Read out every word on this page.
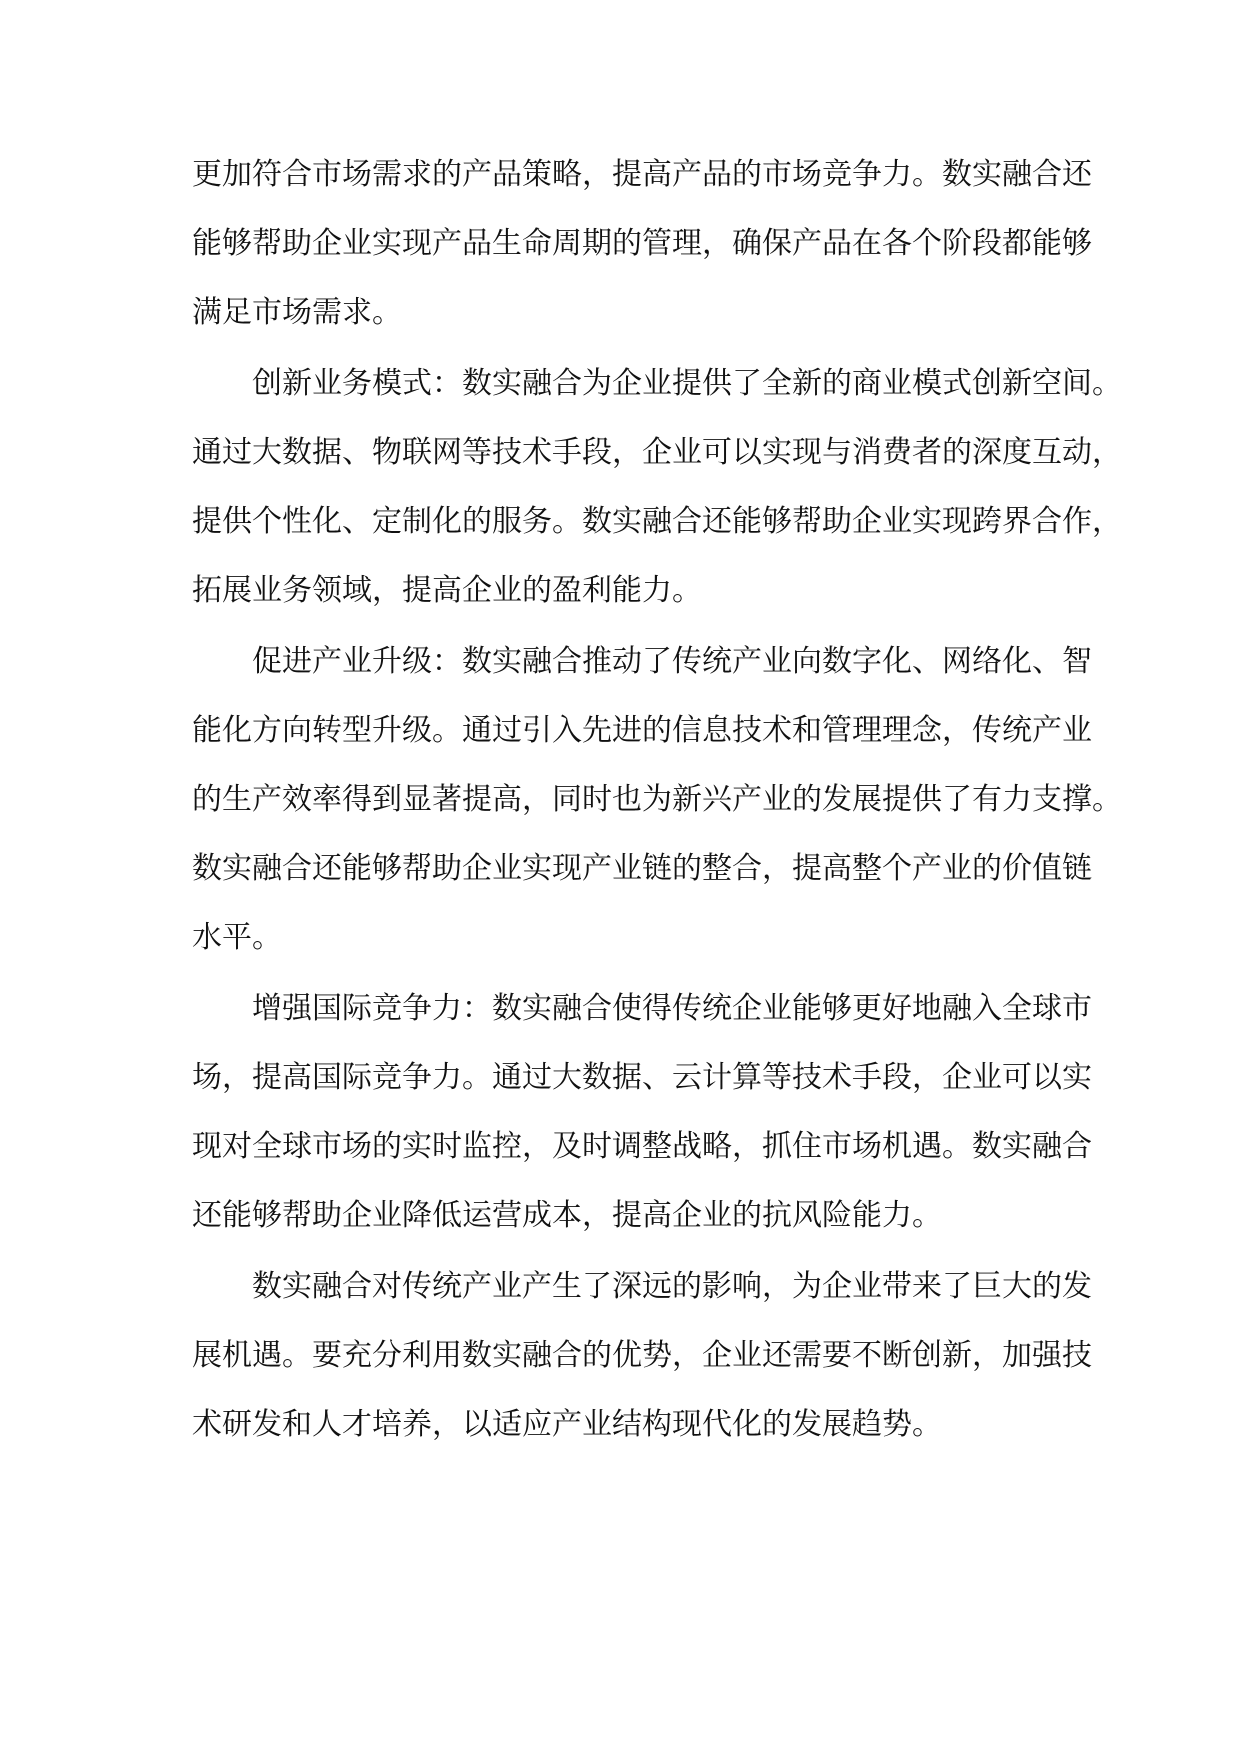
更加符合市场需求的产品策略，提高产品的市场竞争力。数实融合还
能够帮助企业实现产品生命周期的管理，确保产品在各个阶段都能够
满足市场需求。
创新业务模式：数实融合为企业提供了全新的商业模式创新空间。
通过大数据、物联网等技术手段，企业可以实现与消费者的深度互动，
提供个性化、定制化的服务。数实融合还能够帮助企业实现跨界合作，
拓展业务领域，提高企业的盈利能力。
促进产业升级：数实融合推动了传统产业向数字化、网络化、智
能化方向转型升级。通过引入先进的信息技术和管理理念，传统产业
的生产效率得到显著提高，同时也为新兴产业的发展提供了有力支撑。
数实融合还能够帮助企业实现产业链的整合，提高整个产业的价值链
水平。
增强国际竞争力：数实融合使得传统企业能够更好地融入全球市
场，提高国际竞争力。通过大数据、云计算等技术手段，企业可以实
现对全球市场的实时监控，及时调整战略，抓住市场机遇。数实融合
还能够帮助企业降低运营成本，提高企业的抗风险能力。
数实融合对传统产业产生了深远的影响，为企业带来了巨大的发
展机遇。要充分利用数实融合的优势，企业还需要不断创新，加强技
术研发和人才培养，以适应产业结构现代化的发展趋势。
